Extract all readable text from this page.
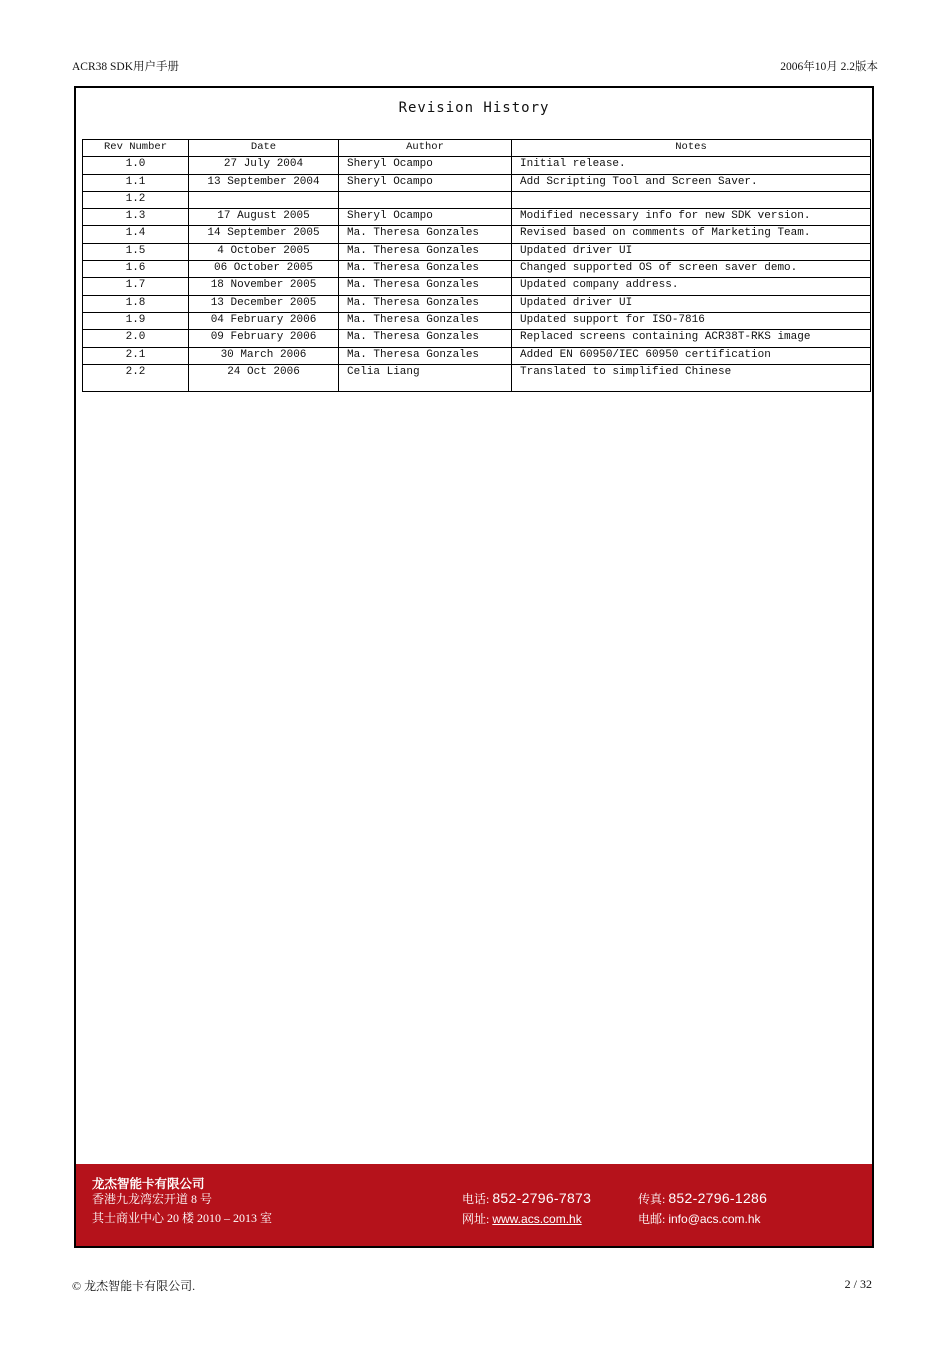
ACR38 SDK用户手册	2006年10月 2.2版本
Revision History
Rev Number	Date	Author	Notes
1.0	27 July 2004	Sheryl Ocampo	Initial release.
1.1	13 September 2004	Sheryl Ocampo	Add Scripting Tool and Screen Saver.
1.2			
1.3	17 August 2005	Sheryl Ocampo	Modified necessary info for new SDK version.
1.4	14 September 2005	Ma. Theresa Gonzales	Revised based on comments of Marketing Team.
1.5	4 October 2005	Ma. Theresa Gonzales	Updated driver UI
1.6	06 October 2005	Ma. Theresa Gonzales	Changed supported OS of screen saver demo.
1.7	18 November 2005	Ma. Theresa Gonzales	Updated company address.
1.8	13 December 2005	Ma. Theresa Gonzales	Updated driver UI
1.9	04 February 2006	Ma. Theresa Gonzales	Updated support for ISO-7816
2.0	09 February 2006	Ma. Theresa Gonzales	Replaced screens containing ACR38T-RKS image
2.1	30 March 2006	Ma. Theresa Gonzales	Added EN 60950/IEC 60950 certification
2.2	24 Oct 2006	Celia Liang	Translated to simplified Chinese
龙杰智能卡有限公司
香港九龙湾宏开道 8 号
其士商业中心 20 楼 2010 – 2013 室
电话: 852-2796-7873	传真: 852-2796-1286
网址: www.acs.com.hk	电邮: info@acs.com.hk
© 龙杰智能卡有限公司.	2 / 32
